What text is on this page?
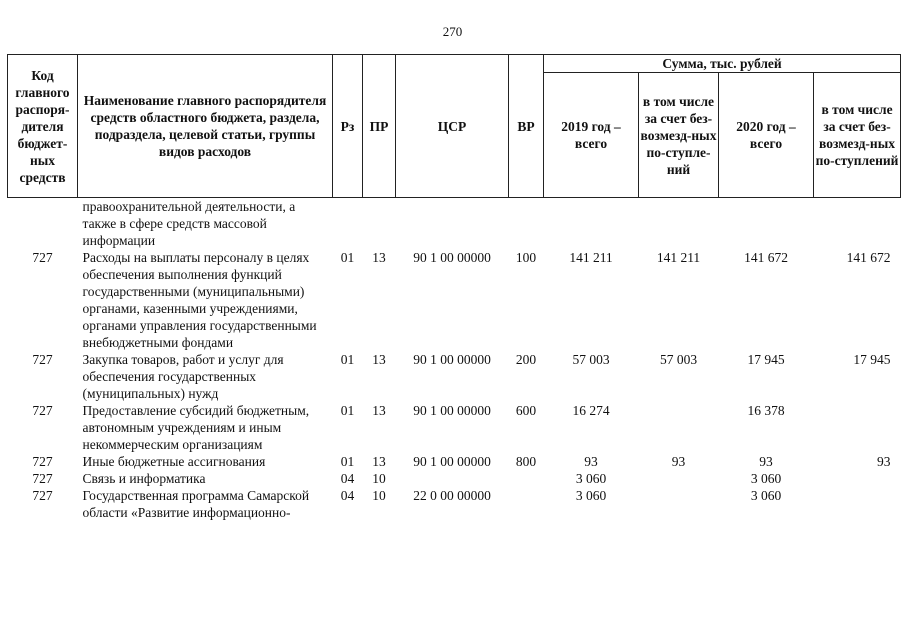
270
Код главного распоря-дителя бюджет-ных средств	Наименование главного распорядителя средств областного бюджета, раздела, подраздела, целевой статьи, группы видов расходов	Рз	ПР	ЦСР	ВР	Сумма, тыс. рублей			
						2019 год – всего	в том числе за счет без-возмезд-ных по-ступле-ний	2020 год – всего	в том числе за счет без-возмезд-ных по-ступлений
	правоохранительной деятельности, а также в сфере средств массовой информации								
727	Расходы на выплаты персоналу в целях обеспечения выполнения функций государственными (муниципальными) органами, казенными учреждениями, органами управления государственными внебюджетными фондами	01	13	90 1 00 00000	100	141 211	141 211	141 672	141 672
727	Закупка товаров, работ и услуг для обеспечения государственных (муниципальных) нужд	01	13	90 1 00 00000	200	57 003	57 003	17 945	17 945
727	Предоставление субсидий бюджетным, автономным учреждениям и иным некоммерческим организациям	01	13	90 1 00 00000	600	16 274		16 378	
727	Иные бюджетные ассигнования	01	13	90 1 00 00000	800	93	93	93	93
727	Связь и информатика	04	10			3 060		3 060	
727	Государственная программа Самарской области «Развитие информационно-	04	10	22 0 00 00000		3 060		3 060	
